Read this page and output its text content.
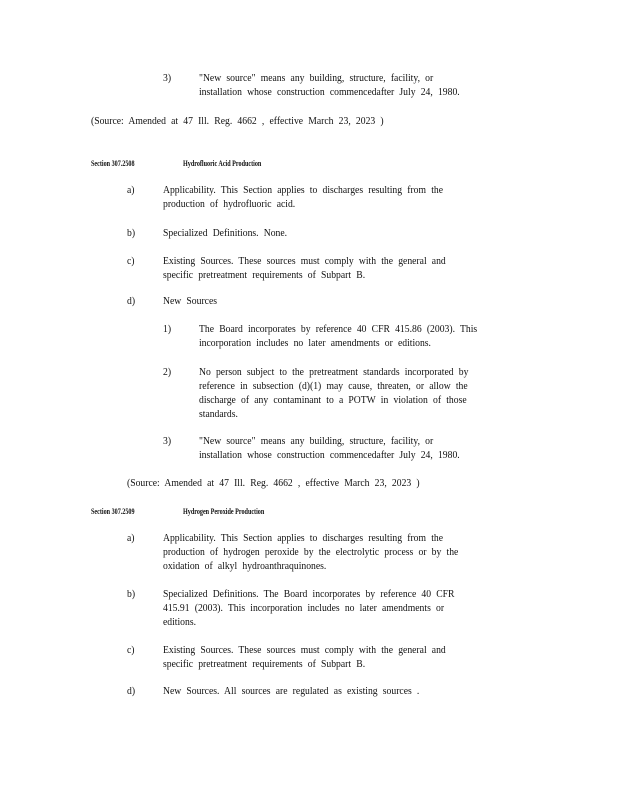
3)	"New source" means any building, structure, facility, or
installation whose construction commencedafter July 24, 1980.
(Source: Amended at 47 Ill. Reg. 4662 , effective March 23, 2023 )
Section 307.2508	Hydrofluoric Acid Production
a)	Applicability. This Section applies to discharges resulting from the
production of hydrofluoric acid.
b)	Specialized Definitions. None.
c)	Existing Sources. These sources must comply with the general and
specific pretreatment requirements of Subpart B.
d)	New Sources
1)	The Board incorporates by reference 40 CFR 415.86 (2003). This
incorporation includes no later amendments or editions.
2)	No person subject to the pretreatment standards incorporated by
reference in subsection (d)(1) may cause, threaten, or allow the
discharge of any contaminant to a POTW in violation of those
standards.
3)	"New source" means any building, structure, facility, or
installation whose construction commencedafter July 24, 1980.
(Source: Amended at 47 Ill. Reg. 4662 , effective March 23, 2023 )
Section 307.2509	Hydrogen Peroxide Production
a)	Applicability. This Section applies to discharges resulting from the
production of hydrogen peroxide by the electrolytic process or by the
oxidation of alkyl hydroanthraquinones.
b)	Specialized Definitions. The Board incorporates by reference 40 CFR
415.91 (2003). This incorporation includes no later amendments or
editions.
c)	Existing Sources. These sources must comply with the general and
specific pretreatment requirements of Subpart B.
d)	New Sources. All sources are regulated as existing sources .
